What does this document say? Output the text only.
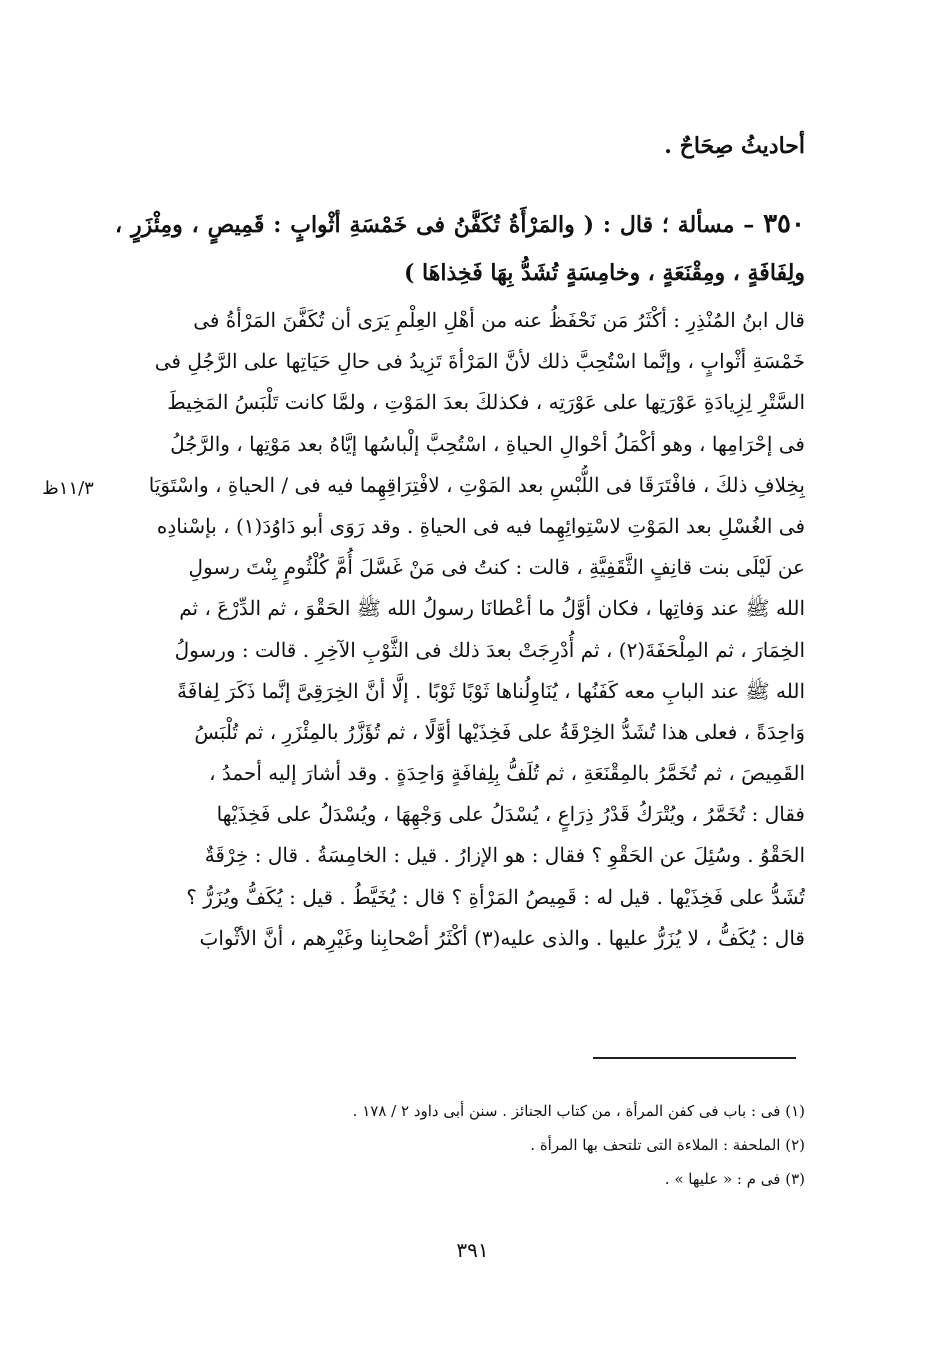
أحاديثُ صِحَاحٌ .
٣٥٠ – مسألة ؛ قال : ( والمَرْأَةُ تُكَفَّنُ فى خَمْسَةِ أثْوابٍ : قَمِيصٍ ، ومِئْزَرٍ ، ولِفَافَةٍ ، ومِقْنَعَةٍ ، وخامِسَةٍ تُشَدُّ بِهَا فَخِذاهَا )
قال ابنُ المُنْذِرِ : أكْثَرُ مَن نَحْفَظُ عنه من أهْلِ العِلْمِ يَرَى أن تُكَفَّنَ المَرْأةُ فى
خَمْسَةِ أثْوابٍ ، وإنَّما اسْتُحِبَّ ذلك لأنَّ المَرْأةَ تَزِيدُ فى حالِ حَيَاتِها على الرَّجُلِ فى
السَّتْرِ لِزِيادَةِ عَوْرَتِها على عَوْرَتِه ، فكذلكَ بعدَ المَوْتِ ، ولمَّا كانت تَلْبَسُ المَخِيطَ
فى إحْرَامِها ، وهو أكْمَلُ أحْوالِ الحياةِ ، اسْتُحِبَّ إلْباسُها إيَّاهُ بعد مَوْتِها ، والرَّجُلُ
بِخِلافِ ذلكَ ، فافْتَرَقَا فى اللُّبْسِ بعد المَوْتِ ، لافْتِرَاقِهِما فيه فى / الحياةِ ، واسْتَوَيَا
فى الغُسْلِ بعد المَوْتِ لاسْتِوائِهِما فيه فى الحياةِ . وقد رَوَى أبو دَاوُدَ(١) ، بإسْنادِه
عن لَيْلَى بنت قانِفٍ الثَّقَفِيَّةِ ، قالت : كنتُ فى مَنْ غَسَّلَ أُمَّ كُلْثُومٍ بِنْتَ رسولِ
الله ﷺ عند وَفاتِها ، فكان أوَّلُ ما أعْطانَا رسولُ الله ﷺ الحَقْوَ ، ثم الدِّرْعَ ، ثم
الخِمَارَ ، ثم المِلْحَفَةَ(٢) ، ثم أُدْرِجَتْ بعدَ ذلك فى الثَّوْبِ الآخِرِ . قالت : ورسولُ
الله ﷺ عند البابِ معه كَفَنُها ، يُنَاوِلُناها ثَوْبًا ثَوْبًا . إلَّا أنَّ الخِرَقِىَّ إنَّما ذَكَرَ لِفافَةً
وَاحِدَةً ، فعلى هذا تُشَدُّ الخِرْقَةُ على فَخِذَيْها أوَّلًا ، ثم تُؤَزَّرُ بالمِئْزَرِ ، ثم تُلْبَسُ
القَمِيصَ ، ثم تُخَمَّرُ بالمِقْنَعَةِ ، ثم تُلَفُّ بِلِفافَةٍ وَاحِدَةٍ . وقد أشارَ إليه أحمدُ ،
فقال : تُخَمَّرُ ، ويُتْرَكُ قَدْرُ ذِرَاعٍ ، يُسْدَلُ على وَجْهِهَا ، ويُسْدَلُ على فَخِذَيْها
الحَقْوُ . وسُئِلَ عن الحَقْوِ ؟ فقال : هو الإزارُ . قيل : الخامِسَةُ . قال : خِرْقَةٌ
تُشَدُّ على فَخِذَيْها . قيل له : قَمِيصُ المَرْأةِ ؟ قال : يُخَيَّطُ . قيل : يُكَفُّ ويُزَرُّ ؟
قال : يُكَفُّ ، لا يُزَرُّ عليها . والذى عليه(٣) أكْثَرُ أصْحابِنا وغَيْرِهم ، أنَّ الأثْوابَ
١١/٣ظ
(١) فى : باب فى كفن المرأة ، من كتاب الجنائز . سنن أبى داود ٢ / ١٧٨ .
(٢) الملحفة : الملاءة التى تلتحف بها المرأة .
(٣) فى م : « عليها » .
٣٩١
